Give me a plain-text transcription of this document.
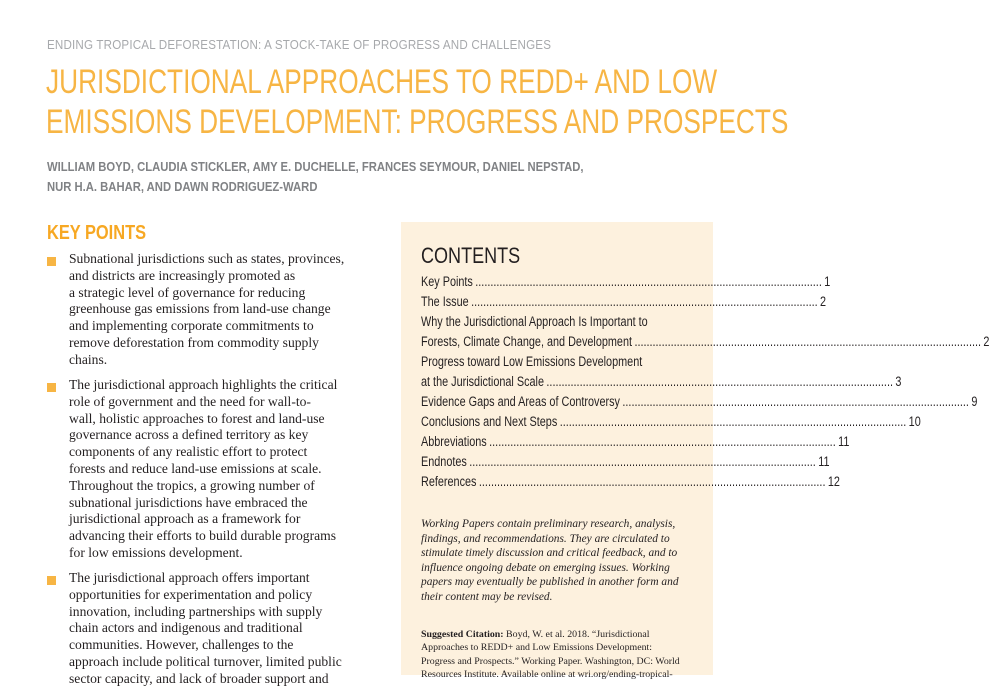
ENDING TROPICAL DEFORESTATION: A STOCK-TAKE OF PROGRESS AND CHALLENGES
JURISDICTIONAL APPROACHES TO REDD+ AND LOW
EMISSIONS DEVELOPMENT: PROGRESS AND PROSPECTS
WILLIAM BOYD, CLAUDIA STICKLER, AMY E. DUCHELLE, FRANCES SEYMOUR, DANIEL NEPSTAD,
NUR H.A. BAHAR, AND DAWN RODRIGUEZ-WARD
KEY POINTS
Subnational jurisdictions such as states, provinces,
and districts are increasingly promoted as
a strategic level of governance for reducing
greenhouse gas emissions from land-use change
and implementing corporate commitments to
remove deforestation from commodity supply
chains.
The jurisdictional approach highlights the critical
role of government and the need for wall-to-
wall, holistic approaches to forest and land-use
governance across a defined territory as key
components of any realistic effort to protect
forests and reduce land-use emissions at scale.
Throughout the tropics, a growing number of
subnational jurisdictions have embraced the
jurisdictional approach as a framework for
advancing their efforts to build durable programs
for low emissions development.
The jurisdictional approach offers important
opportunities for experimentation and policy
innovation, including partnerships with supply
chain actors and indigenous and traditional
communities. However, challenges to the
approach include political turnover, limited public
sector capacity, and lack of broader support and
CONTENTS
Key Points ................................................................................................................... 1
The Issue ................................................................................................................... 2
Why the Jurisdictional Approach Is Important to
Forests, Climate Change, and Development ................................................................................................................... 2
Progress toward Low Emissions Development
at the Jurisdictional Scale ................................................................................................................... 3
Evidence Gaps and Areas of Controversy ................................................................................................................... 9
Conclusions and Next Steps ................................................................................................................... 10
Abbreviations ................................................................................................................... 11
Endnotes ................................................................................................................... 11
References ................................................................................................................... 12
Working Papers contain preliminary research, analysis,
findings, and recommendations. They are circulated to
stimulate timely discussion and critical feedback, and to
influence ongoing debate on emerging issues. Working
papers may eventually be published in another form and
their content may be revised.
Suggested Citation: Boyd, W. et al. 2018. “Jurisdictional
Approaches to REDD+ and Low Emissions Development:
Progress and Prospects.” Working Paper. Washington, DC: World
Resources Institute. Available online at wri.org/ending-tropical-
